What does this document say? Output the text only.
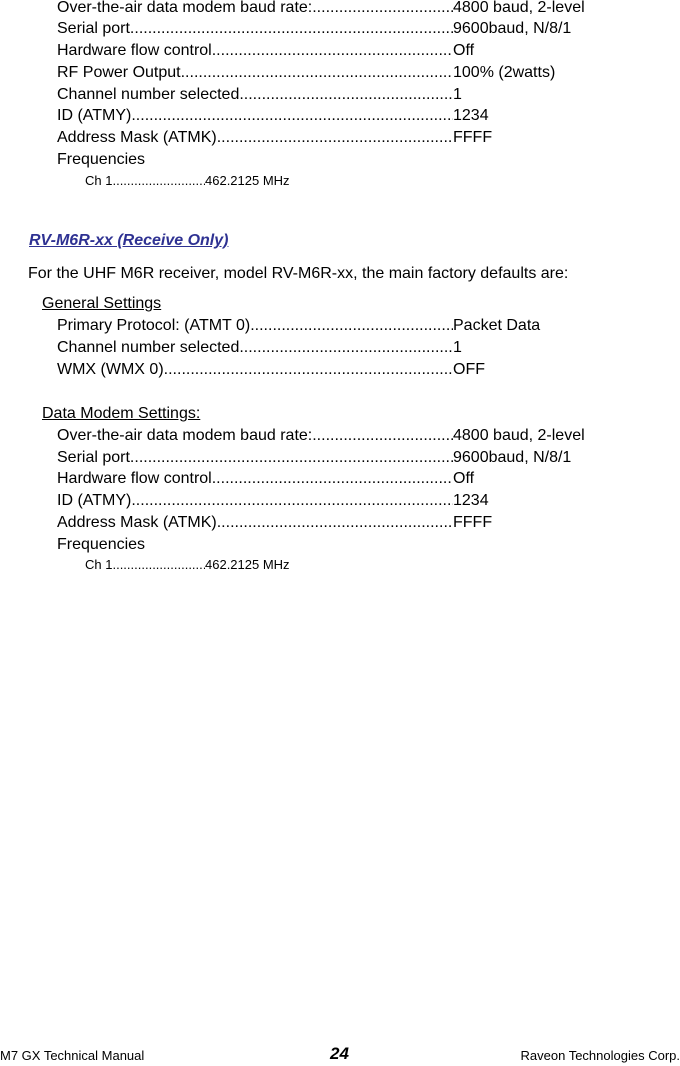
Over-the-air data modem baud rate: .....	4800 baud, 2-level
Serial port .....	9600baud, N/8/1
Hardware flow control .....	Off
RF Power Output .....	100% (2watts)
Channel number selected .....	1
ID (ATMY) .....	1234
Address Mask (ATMK) .....	FFFF
Frequencies
Ch 1 .....	462.2125 MHz
RV-M6R-xx (Receive Only)
For the UHF M6R receiver, model RV-M6R-xx, the main factory defaults are:
General Settings
Primary Protocol: (ATMT 0) .....	Packet Data
Channel number selected .....	1
WMX (WMX 0) .....	OFF
Data Modem Settings:
Over-the-air data modem baud rate: .....	4800 baud, 2-level
Serial port .....	9600baud, N/8/1
Hardware flow control .....	Off
ID (ATMY) .....	1234
Address Mask (ATMK) .....	FFFF
Frequencies
Ch 1 .....	462.2125 MHz
M7 GX Technical Manual	24	Raveon Technologies Corp.
